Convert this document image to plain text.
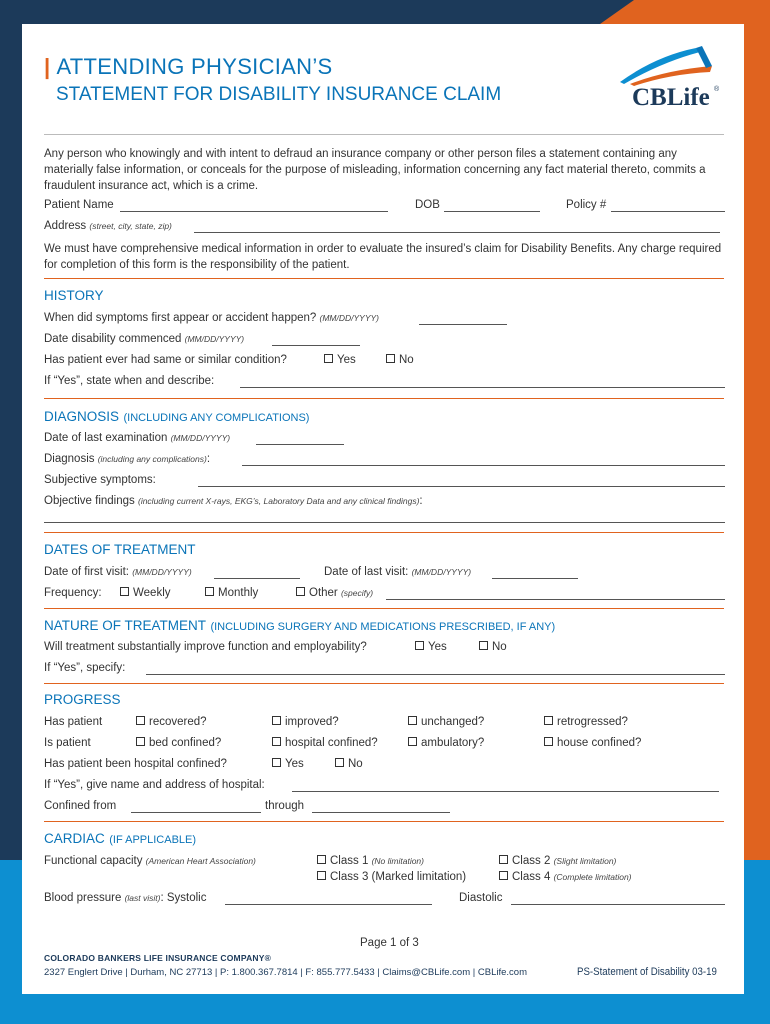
| ATTENDING PHYSICIAN’S
STATEMENT FOR DISABILITY INSURANCE CLAIM	CBLife ®
Any person who knowingly and with intent to defraud an insurance company or other person files a statement containing any materially false information, or conceals for the purpose of misleading, information concerning any fact material thereto, commits a fraudulent insurance act, which is a crime.
Patient Name	DOB	Policy #
Address (street, city, state, zip)
We must have comprehensive medical information in order to evaluate the insured’s claim for Disability Benefits. Any charge required for completion of this form is the responsibility of the patient.
HISTORY
When did symptoms first appear or accident happen? (MM/DD/YYYY)
Date disability commenced (MM/DD/YYYY)
Has patient ever had same or similar condition?	Yes	No
If “Yes”, state when and describe:
DIAGNOSIS (INCLUDING ANY COMPLICATIONS)
Date of last examination (MM/DD/YYYY)
Diagnosis (including any complications):
Subjective symptoms:
Objective findings (including current X-rays, EKG’s, Laboratory Data and any clinical findings):
DATES OF TREATMENT
Date of first visit: (MM/DD/YYYY)	Date of last visit: (MM/DD/YYYY)
Frequency:	Weekly	Monthly	Other (specify)
NATURE OF TREATMENT (INCLUDING SURGERY AND MEDICATIONS PRESCRIBED, IF ANY)
Will treatment substantially improve function and employability?	Yes	No
If “Yes”, specify:
PROGRESS
Has patient	recovered?	improved?	unchanged?	retrogressed?
Is patient	bed confined?	hospital confined?	ambulatory?	house confined?
Has patient been hospital confined?	Yes	No
If “Yes”, give name and address of hospital:
Confined from	through
CARDIAC (IF APPLICABLE)
Functional capacity (American Heart Association)	Class 1 (No limitation)	Class 2 (Slight limitation)
Class 3 (Marked limitation)	Class 4 (Complete limitation)
Blood pressure (last visit): Systolic	Diastolic
Page 1 of 3
COLORADO BANKERS LIFE INSURANCE COMPANY®
2327 Englert Drive | Durham, NC 27713 | P: 1.800.367.7814 | F: 855.777.5433 | Claims@CBLife.com | CBLife.com	PS-Statement of Disability 03-19
